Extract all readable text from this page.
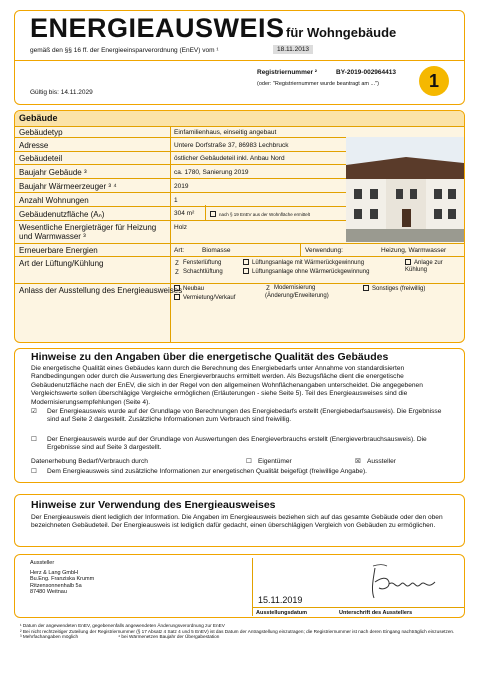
ENERGIEAUSWEIS für Wohngebäude
gemäß den §§ 16 ff. der Energieeinsparverordnung (EnEV) vom ¹	18.11.2013
Registriernummer ²	BY-2019-002964413
(oder: "Registriernummer wurde beantragt am ...")
Gültig bis: 14.11.2029
1
Gebäude
Gebäudetyp	Einfamilienhaus, einseitig angebaut
Adresse	Untere Dorfstraße 37, 86983 Lechbruck
Gebäudeteil	östlicher Gebäudeteil inkl. Anbau Nord
Baujahr Gebäude ³	ca. 1780, Sanierung 2019
Baujahr Wärmeerzeuger ³ ⁴	2019
Anzahl Wohnungen	1
Gebäudenutzfläche (Aₙ)	304 m²	nach § 19 EnEV aus der Wohnfläche ermittelt
Wesentliche Energieträger für Heizung und Warmwasser ³
Holz
Erneuerbare Energien	Art:	Biomasse	Verwendung:	Heizung, Warmwasser
Art der Lüftung/Kühlung	Z Fensterlüftung
Z Schachtlüftung
Lüftungsanlage mit Wärmerückgewinnung
Lüftungsanlage ohne Wärmerückgewinnung
Anlage zur Kühlung
Anlass der Ausstellung des Energieausweises Neubau
Vermietung/Verkauf
Z Modernisierung (Änderung/Erweiterung)
Sonstiges (freiwillig)
Hinweise zu den Angaben über die energetische Qualität des Gebäudes
Die energetische Qualität eines Gebäudes kann durch die Berechnung des Energiebedarfs unter Annahme von standardisierten Randbedingungen oder durch die Auswertung des Energieverbrauchs ermittelt werden. Als Bezugsfläche dient die energetische Gebäudenutzfläche nach der EnEV, die sich in der Regel von den allgemeinen Wohnflächenangaben unterscheidet. Die angegebenen Vergleichswerte sollen überschlägige Vergleiche ermöglichen (Erläuterungen - siehe Seite 5). Teil des Energieausweises sind die Modernisierungsempfehlungen (Seite 4).
☑ Der Energieausweis wurde auf der Grundlage von Berechnungen des Energiebedarfs erstellt (Energiebedarfsausweis). Die Ergebnisse sind auf Seite 2 dargestellt. Zusätzliche Informationen zum Verbrauch sind freiwillig.
☐ Der Energieausweis wurde auf der Grundlage von Auswertungen des Energieverbrauchs erstellt (Energieverbrauchsausweis). Die Ergebnisse sind auf Seite 3 dargestellt.
Datenerhebung Bedarf/Verbrauch durch	☐ Eigentümer	☒ Aussteller
☐ Dem Energieausweis sind zusätzliche Informationen zur energetischen Qualität beigefügt (freiwillige Angabe).
Hinweise zur Verwendung des Energieausweises
Der Energieausweis dient lediglich der Information. Die Angaben im Energieausweis beziehen sich auf das gesamte Gebäude oder den oben bezeichneten Gebäudeteil. Der Energieausweis ist lediglich dafür gedacht, einen überschlägigen Vergleich von Gebäuden zu ermöglichen.
Aussteller
Herz & Lang GmbH
Bu.Eng. Franziska Krumm
Ritzensonnenhalb 5a
87480 Weitnau
15.11.2019
Ausstellungsdatum	Unterschrift des Ausstellers
¹ Datum der angewendeten EnEV, gegebenenfalls angewendeten Änderungsverordnung zur EnEV
² Bei nicht rechtzeitiger Zuteilung der Registriernummer (§ 17 Absatz 4 Satz 4 und 5 EnEV) ist das Datum der Antragstellung einzutragen; die Registriernummer ist nach deren Eingang nachträglich einzusetzen.
³ Mehrfachangaben möglich	⁴ bei Wärmenetzen Baujahr der Übergabestation
